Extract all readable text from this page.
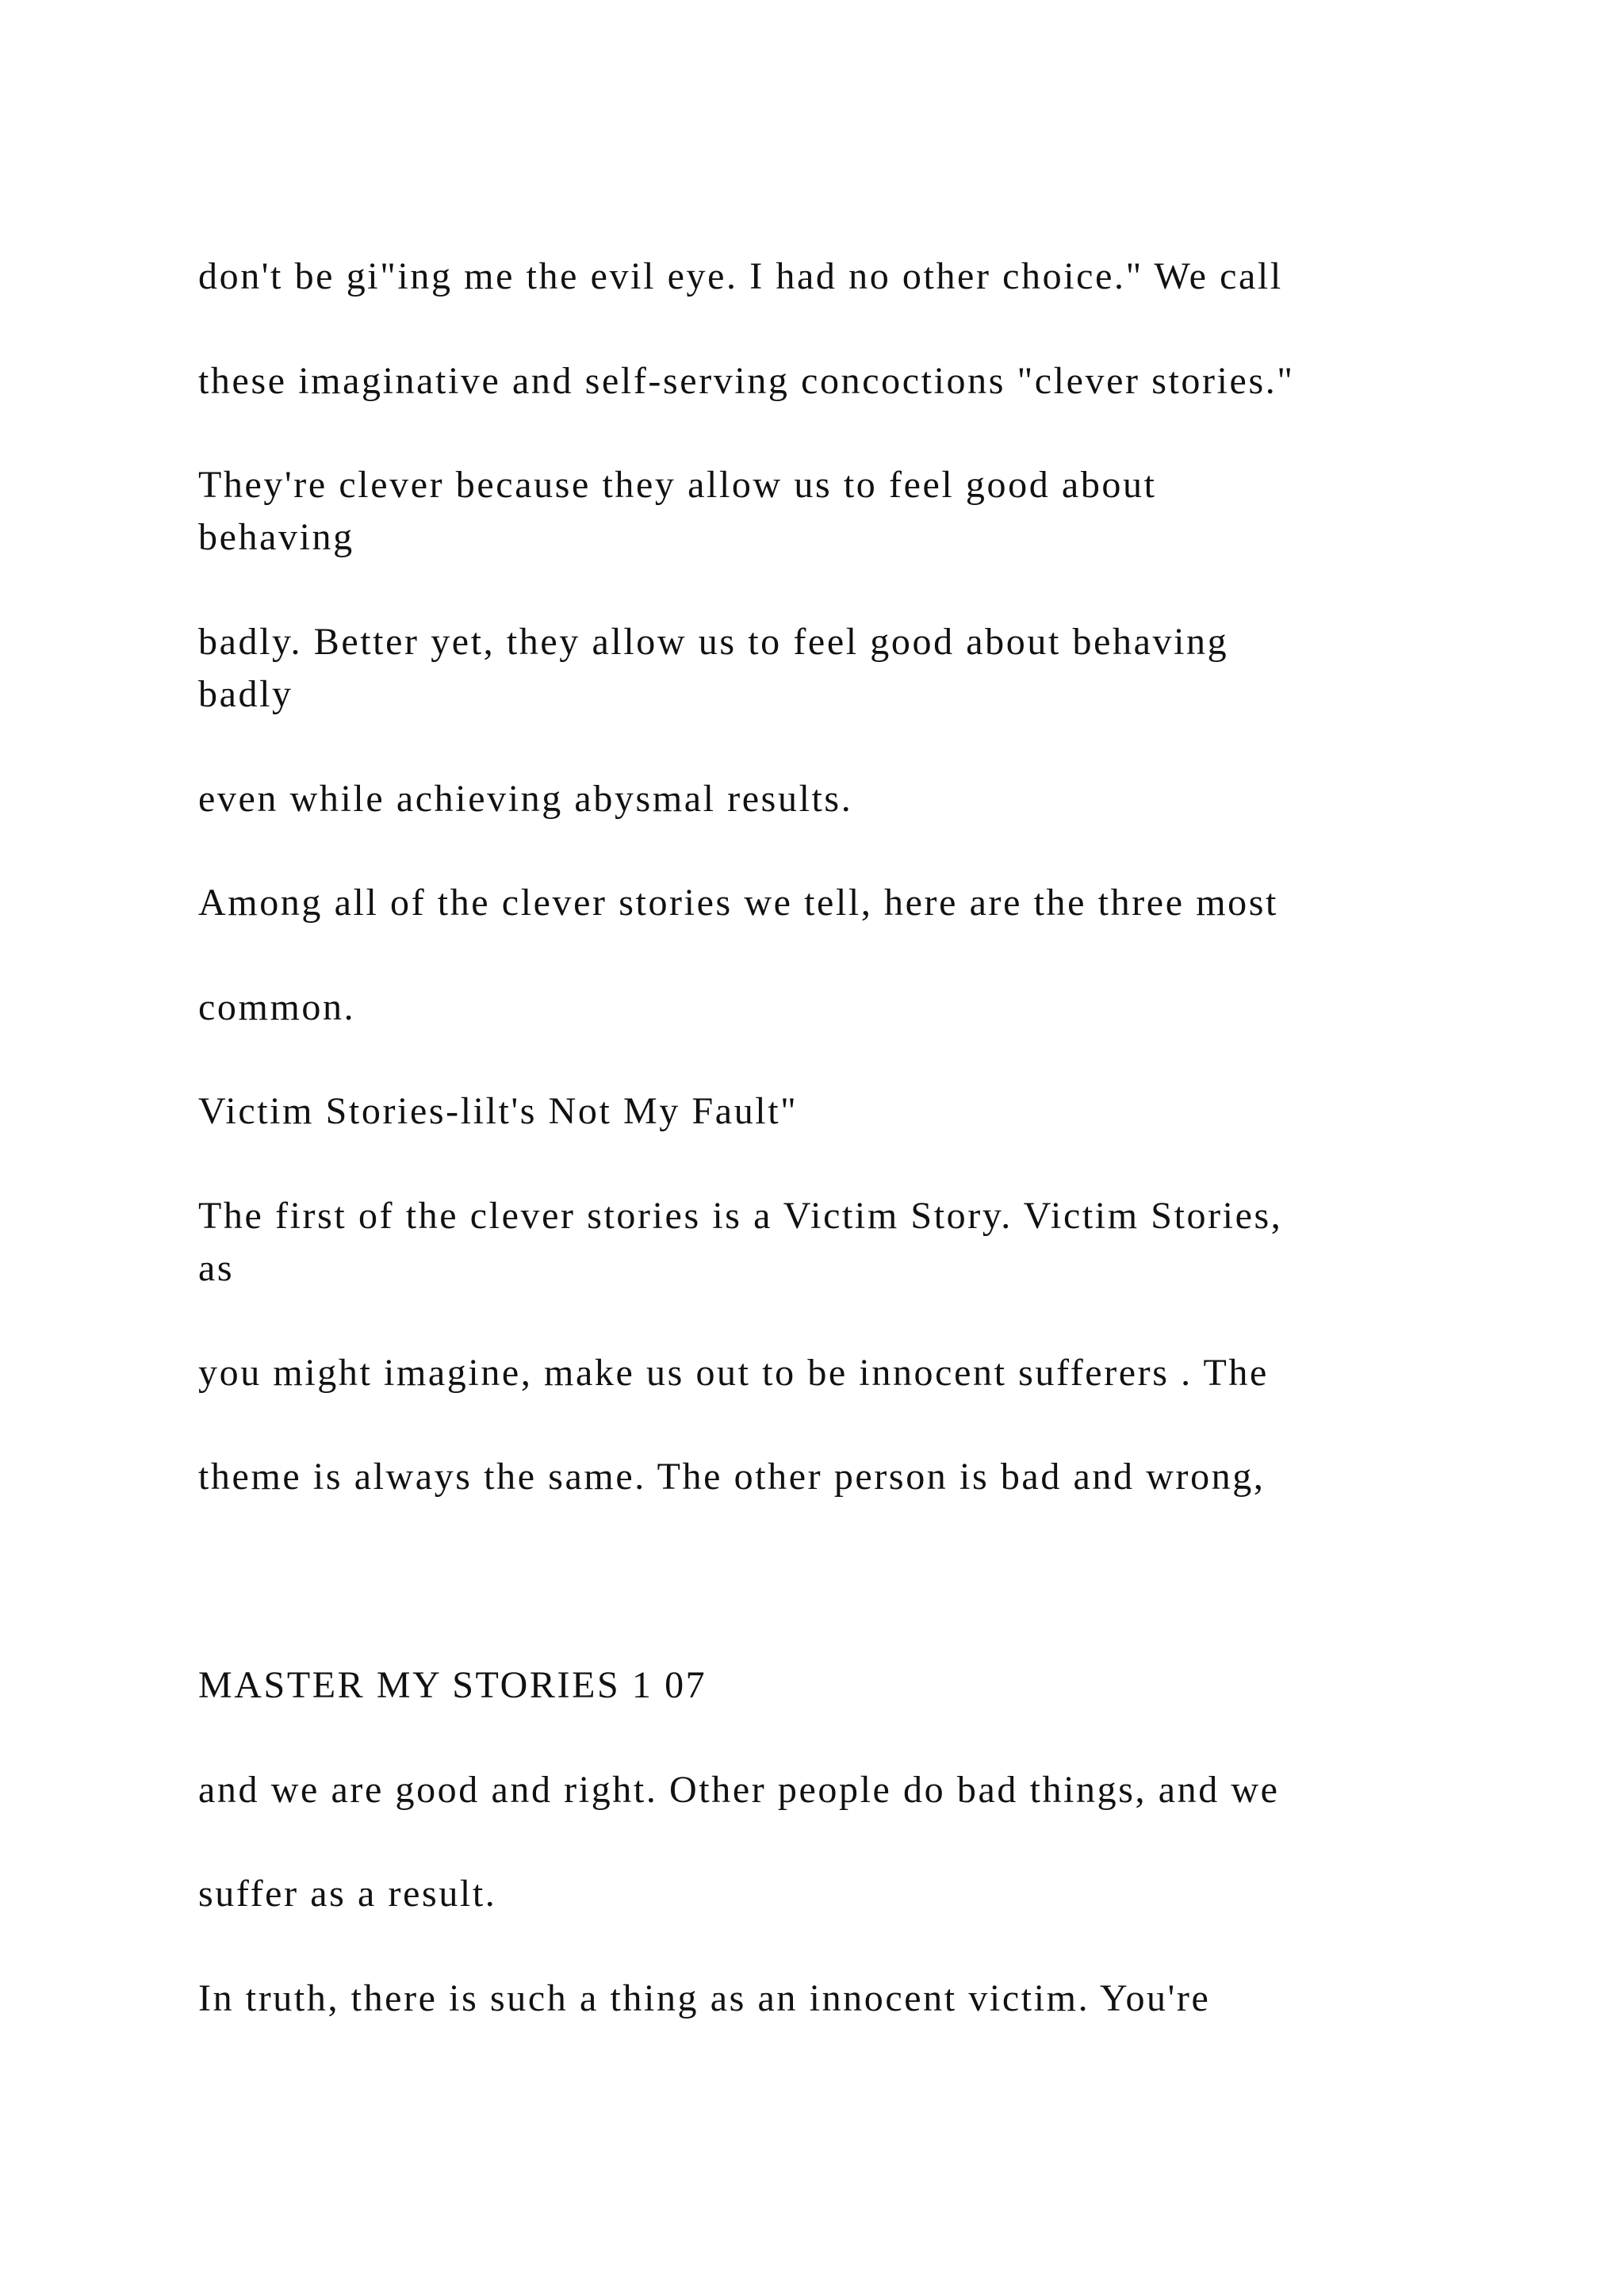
don't be gi"ing me the evil eye. I had no other choice." We call

these imaginative and self-serving concoctions "clever stories."

They're clever because they allow us to feel good about
behaving

badly. Better yet, they allow us to feel good about behaving
badly

even while achieving abysmal results.

Among all of the clever stories we tell, here are the three most

common.

Victim Stories-lilt's Not My Fault"

The first of the clever stories is a Victim Story. Victim Stories,
as

you might imagine, make us out to be innocent sufferers . The

theme is always the same. The other person is bad and wrong,

MASTER MY STORIES 1 07

and we are good and right. Other people do bad things, and we

suffer as a result.

In truth, there is such a thing as an innocent victim. You're
